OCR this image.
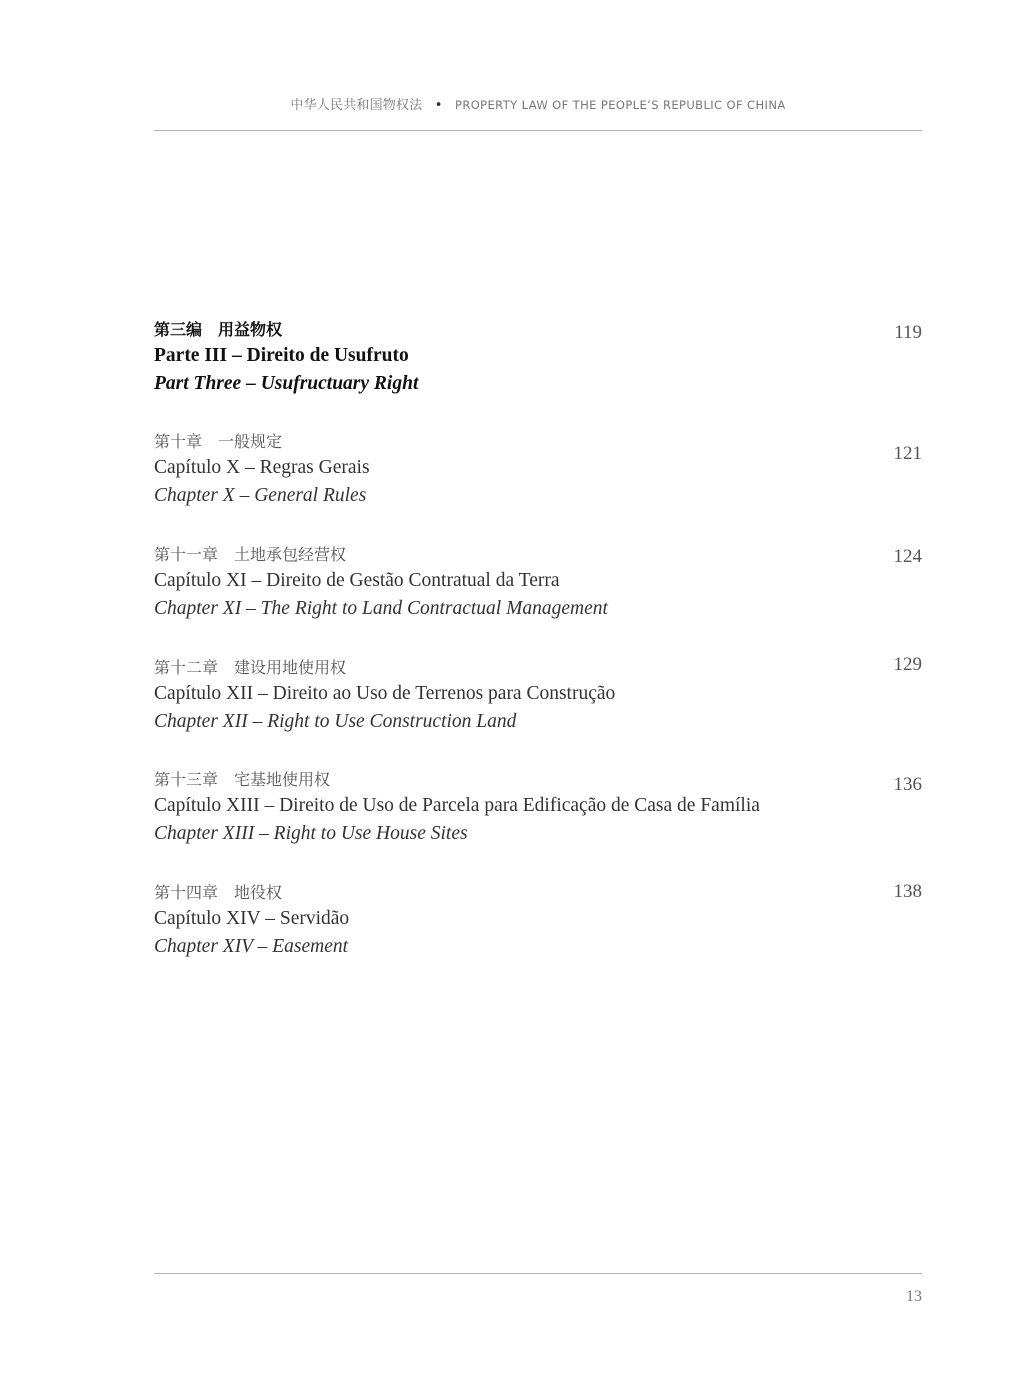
中华人民共和国物权法 • PROPERTY LAW OF THE PEOPLE’S REPUBLIC OF CHINA
第三编　用益物权
Parte III – Direito de Usufruto
Part Three – Usufructuary Right
119
第十章　一般规定
Capítulo X – Regras Gerais
Chapter X – General Rules
121
第十一章　土地承包经营权
Capítulo XI – Direito de Gestão Contratual da Terra
Chapter XI – The Right to Land Contractual Management
124
第十二章　建设用地使用权
Capítulo XII – Direito ao Uso de Terrenos para Construção
Chapter XII – Right to Use Construction Land
129
第十三章　宅基地使用权
Capítulo XIII – Direito de Uso de Parcela para Edificação de Casa de Família
Chapter XIII – Right to Use House Sites
136
第十四章　地役权
Capítulo XIV – Servidão
Chapter XIV – Easement
138
13
